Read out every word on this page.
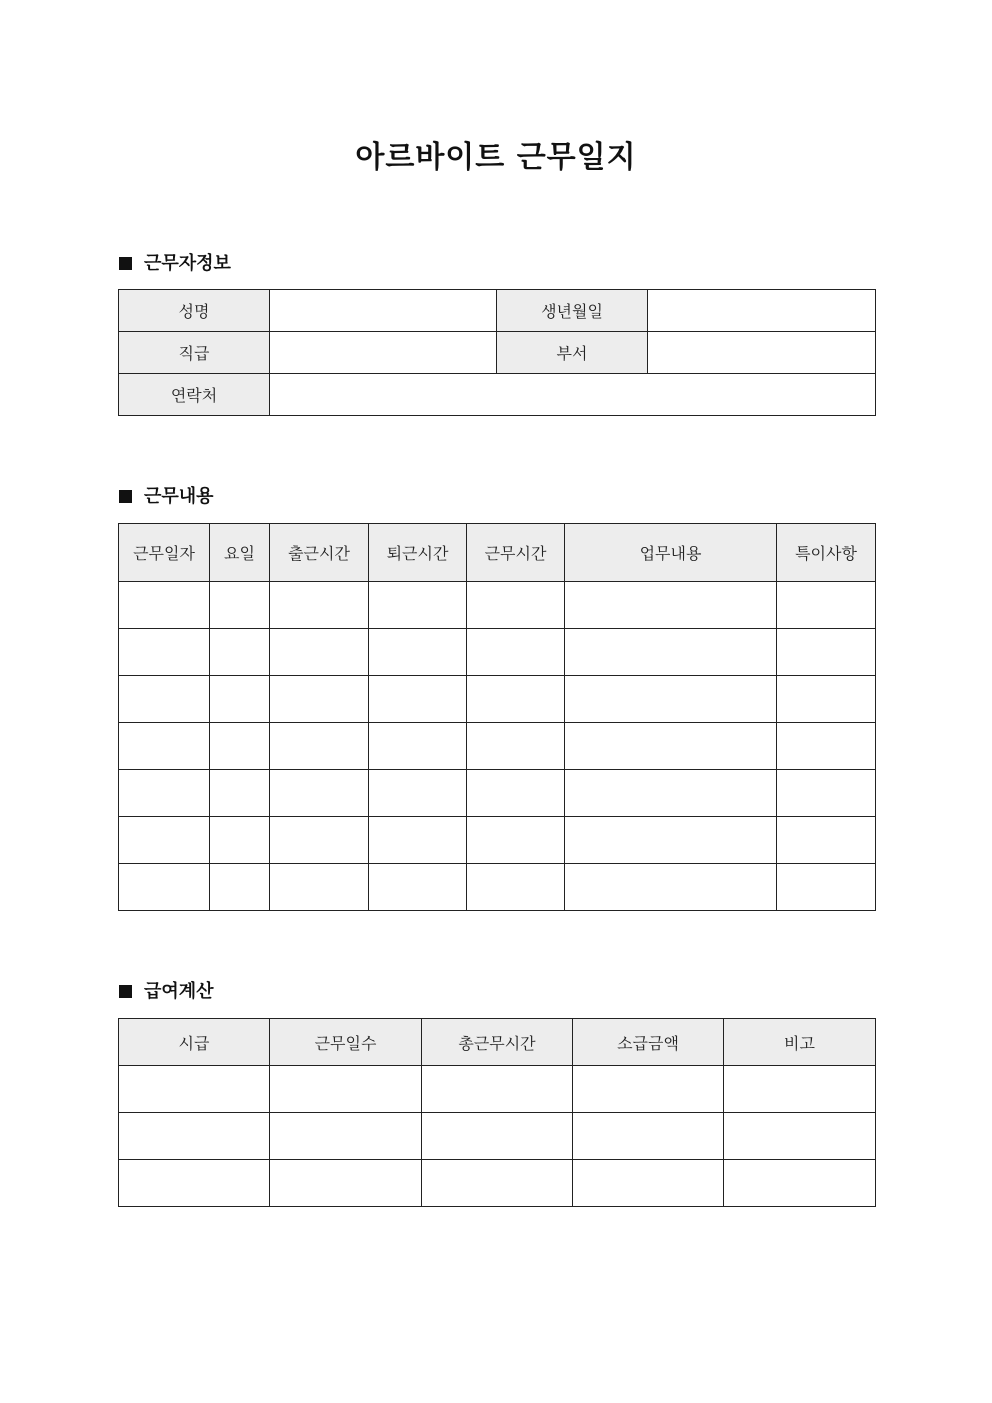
아르바이트 근무일지
근무자정보
성명		생년월일	
직급		부서	
연락처			
근무내용
근무일자	요일	출근시간	퇴근시간	근무시간	업무내용	특이사항

급여계산
시급	근무일수	총근무시간	소급금액	비고
